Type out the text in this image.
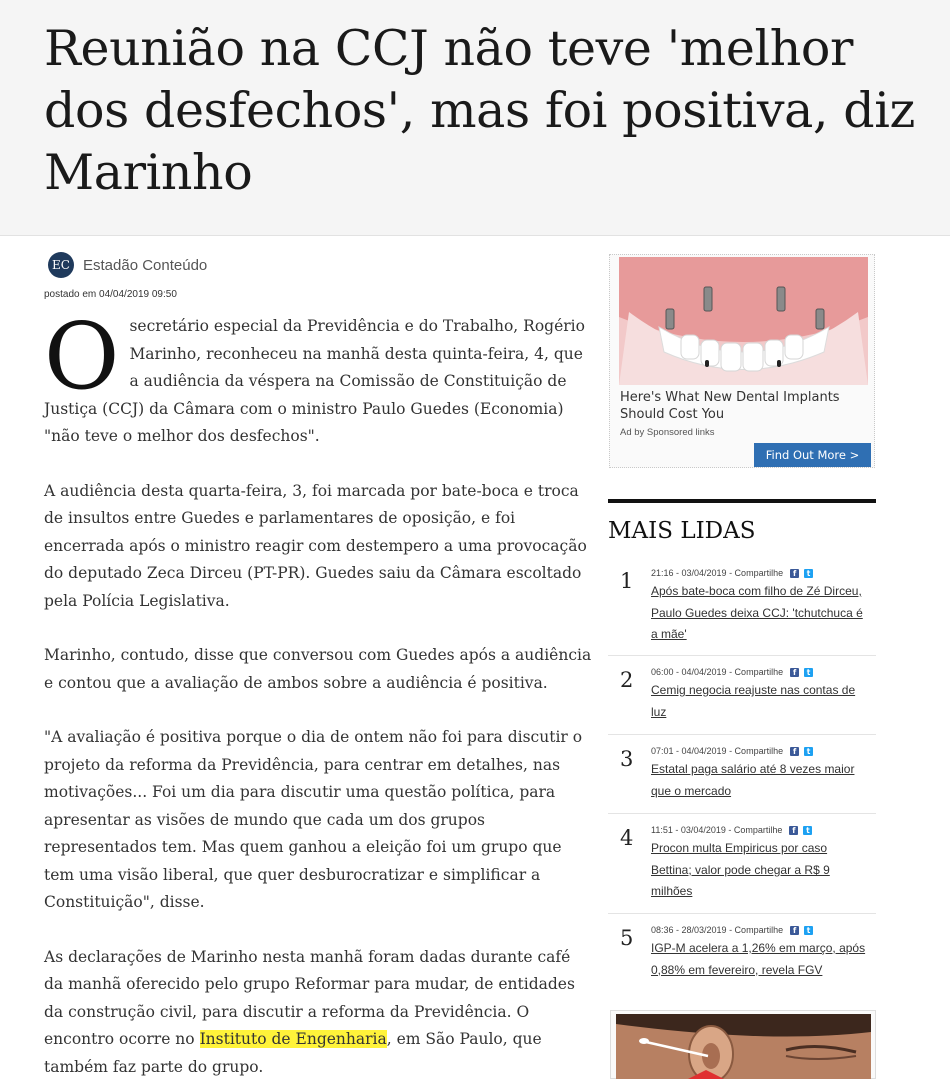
Reunião na CCJ não teve 'melhor dos desfechos', mas foi positiva, diz Marinho
EC Estadão Conteúdo
postado em 04/04/2019 09:50

Osecretário especial da Previdência e do Trabalho, Rogério Marinho, reconheceu na manhã desta quinta-feira, 4, que a audiência da véspera na Comissão de Constituição de Justiça (CCJ) da Câmara com o ministro Paulo Guedes (Economia) "não teve o melhor dos desfechos".

A audiência desta quarta-feira, 3, foi marcada por bate-boca e troca de insultos entre Guedes e parlamentares de oposição, e foi encerrada após o ministro reagir com destempero a uma provocação do deputado Zeca Dirceu (PT-PR). Guedes saiu da Câmara escoltado pela Polícia Legislativa.

Marinho, contudo, disse que conversou com Guedes após a audiência e contou que a avaliação de ambos sobre a audiência é positiva.

"A avaliação é positiva porque o dia de ontem não foi para discutir o projeto da reforma da Previdência, para centrar em detalhes, nas motivações... Foi um dia para discutir uma questão política, para apresentar as visões de mundo que cada um dos grupos representados tem. Mas quem ganhou a eleição foi um grupo que tem uma visão liberal, que quer desburocratizar e simplificar a Constituição", disse.

As declarações de Marinho nesta manhã foram dadas durante café da manhã oferecido pelo grupo Reformar para mudar, de entidades da construção civil, para discutir a reforma da Previdência. O encontro ocorre no Instituto de Engenharia, em São Paulo, que também faz parte do grupo.

Here's What New Dental Implants Should Cost You
Ad by Sponsored links
Find Out More >
MAIS LIDAS
1 21:16 - 03/04/2019 - Compartilhe	f	t
Após bate-boca com filho de Zé Dirceu, Paulo Guedes deixa CCJ: 'tchutchuca é a mãe'
2 06:00 - 04/04/2019 - Compartilhe	f	t
Cemig negocia reajuste nas contas de luz
3 07:01 - 04/04/2019 - Compartilhe	f	t
Estatal paga salário até 8 vezes maior que o mercado
4 11:51 - 03/04/2019 - Compartilhe	f	t
Procon multa Empiricus por caso Bettina; valor pode chegar a R$ 9 milhões
5 08:36 - 28/03/2019 - Compartilhe	f	t
IGP-M acelera a 1,26% em março, após 0,88% em fevereiro, revela FGV
